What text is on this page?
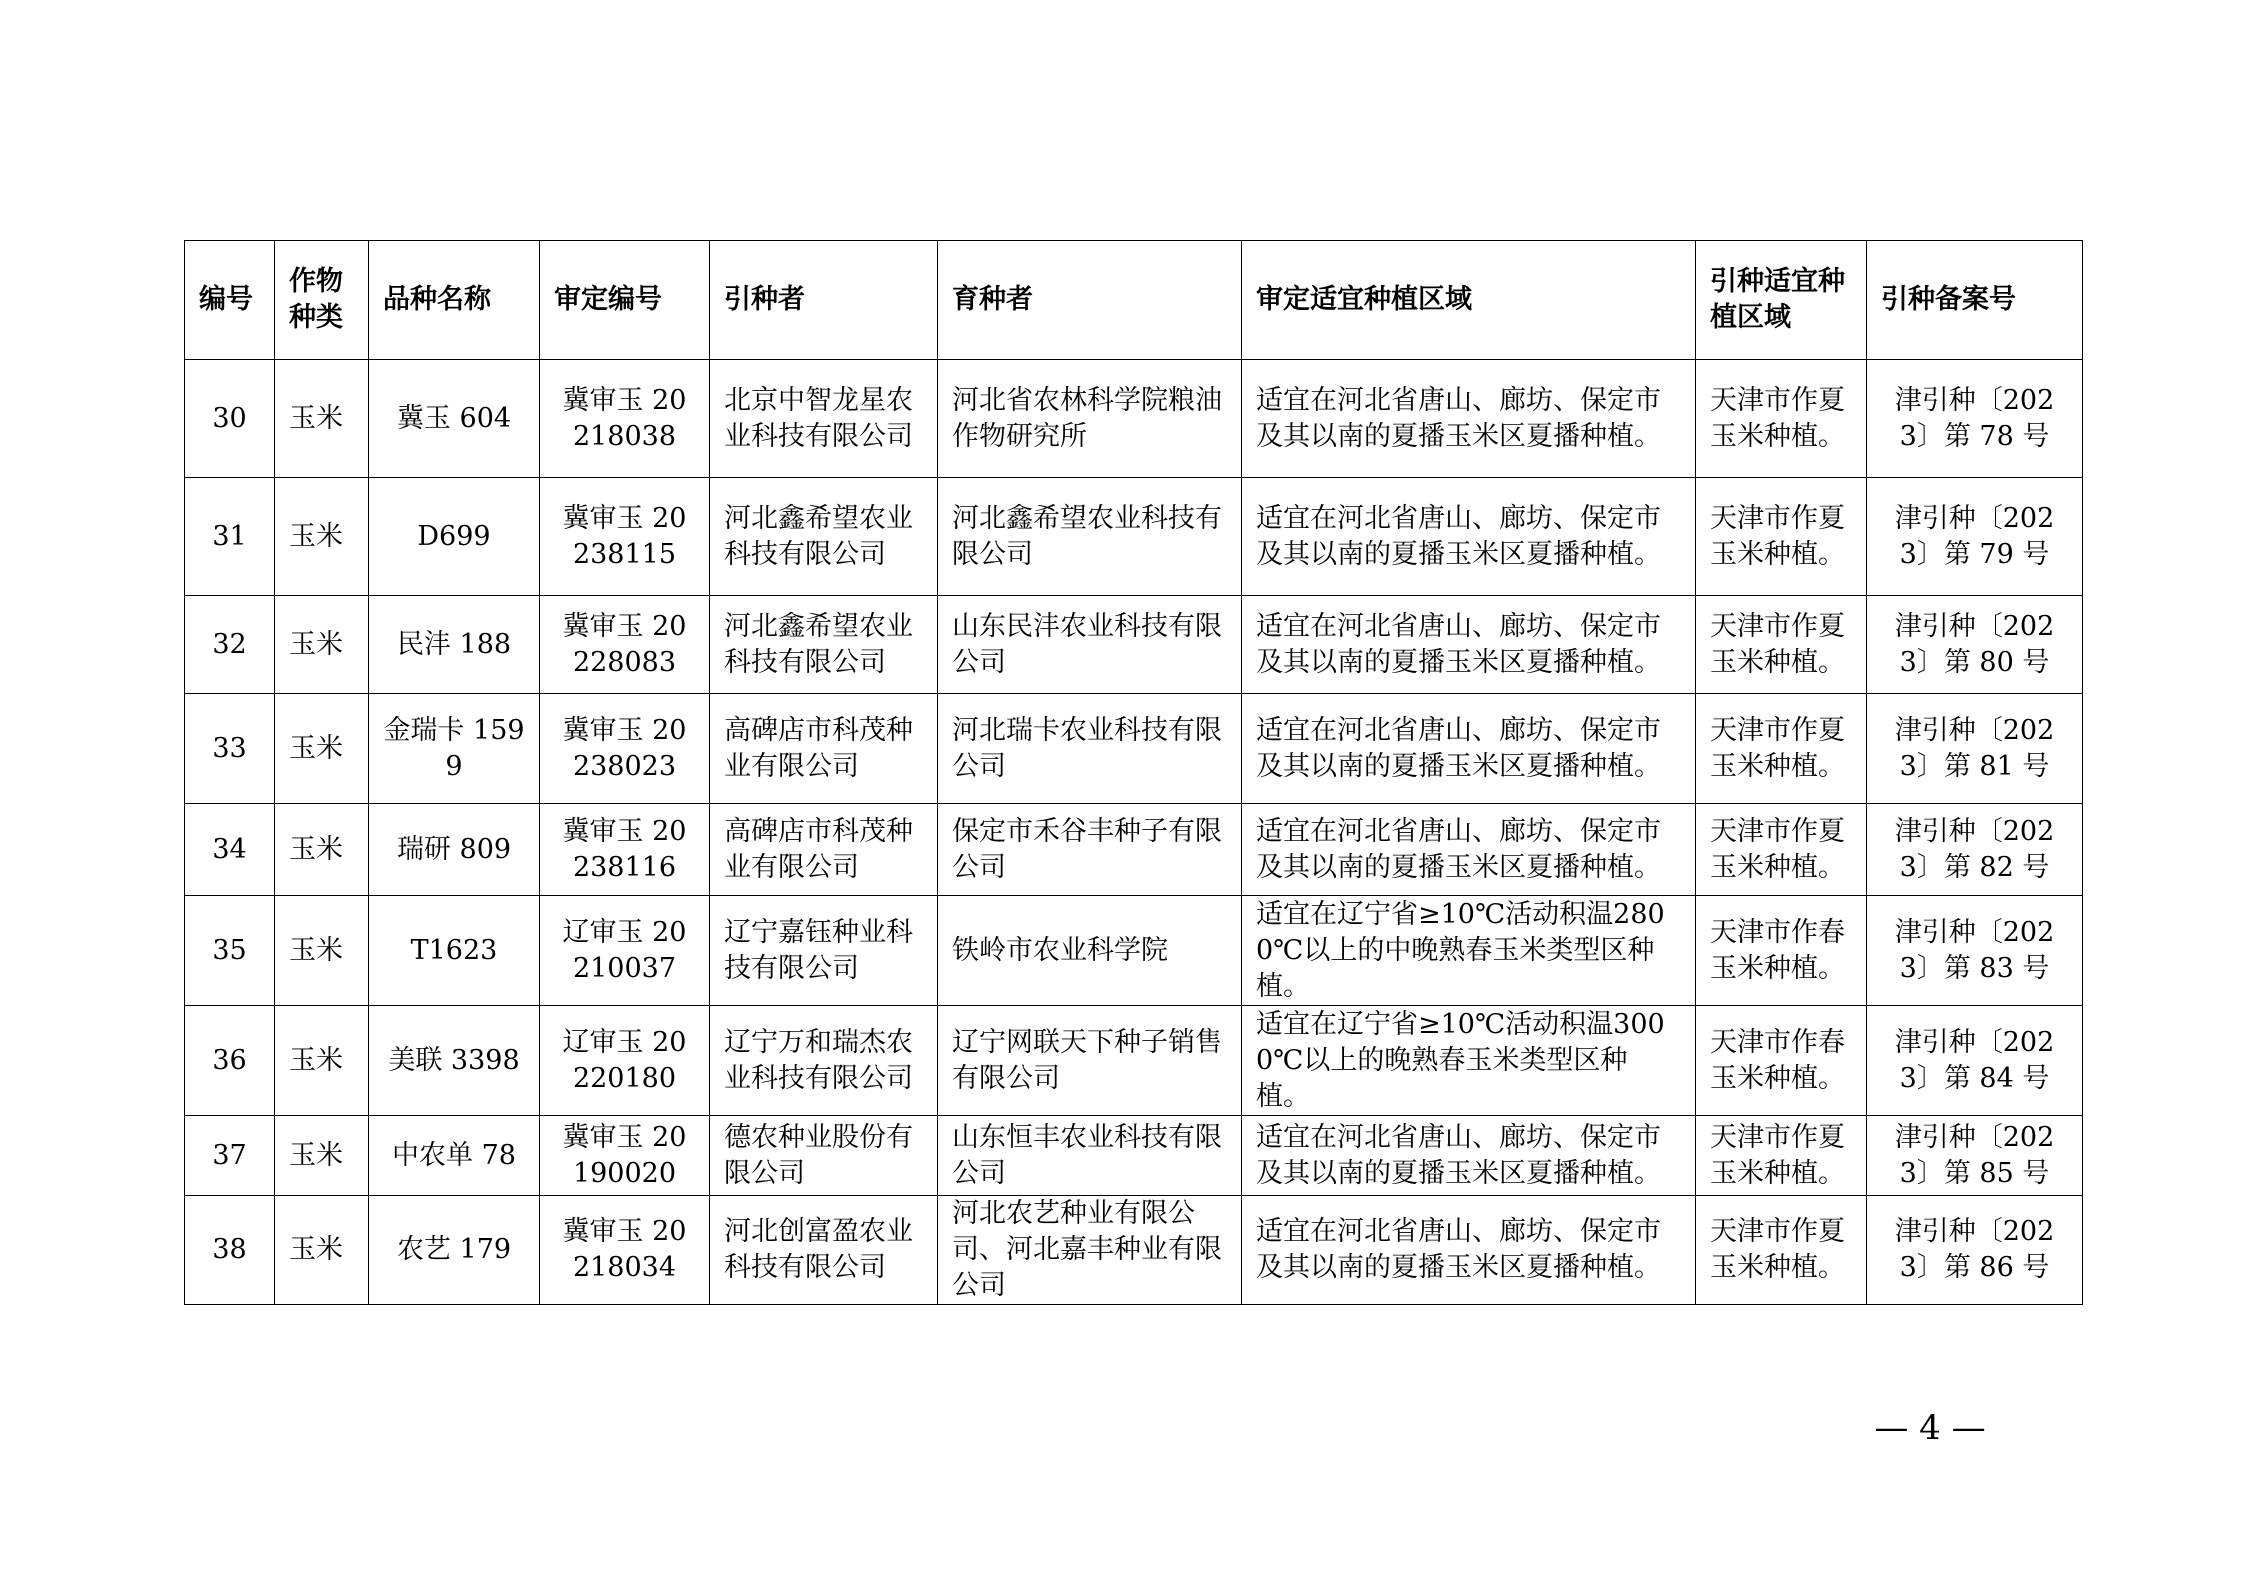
编号	作物种类	品种名称	审定编号	引种者	育种者	审定适宜种植区域	引种适宜种植区域	引种备案号
30	玉米	冀玉 604	冀审玉 20218038	北京中智龙星农业科技有限公司	河北省农林科学院粮油作物研究所	适宜在河北省唐山、廊坊、保定市及其以南的夏播玉米区夏播种植。	天津市作夏玉米种植。	津引种〔2023〕第 78 号
31	玉米	D699	冀审玉 20238115	河北鑫希望农业科技有限公司	河北鑫希望农业科技有限公司	适宜在河北省唐山、廊坊、保定市及其以南的夏播玉米区夏播种植。	天津市作夏玉米种植。	津引种〔2023〕第 79 号
32	玉米	民沣 188	冀审玉 20228083	河北鑫希望农业科技有限公司	山东民沣农业科技有限公司	适宜在河北省唐山、廊坊、保定市及其以南的夏播玉米区夏播种植。	天津市作夏玉米种植。	津引种〔2023〕第 80 号
33	玉米	金瑞卡 1599	冀审玉 20238023	高碑店市科茂种业有限公司	河北瑞卡农业科技有限公司	适宜在河北省唐山、廊坊、保定市及其以南的夏播玉米区夏播种植。	天津市作夏玉米种植。	津引种〔2023〕第 81 号
34	玉米	瑞研 809	冀审玉 20238116	高碑店市科茂种业有限公司	保定市禾谷丰种子有限公司	适宜在河北省唐山、廊坊、保定市及其以南的夏播玉米区夏播种植。	天津市作夏玉米种植。	津引种〔2023〕第 82 号
35	玉米	T1623	辽审玉 20210037	辽宁嘉钰种业科技有限公司	铁岭市农业科学院	适宜在辽宁省≥10℃活动积温2800℃以上的中晚熟春玉米类型区种植。	天津市作春玉米种植。	津引种〔2023〕第 83 号
36	玉米	美联 3398	辽审玉 20220180	辽宁万和瑞杰农业科技有限公司	辽宁网联天下种子销售有限公司	适宜在辽宁省≥10℃活动积温3000℃以上的晚熟春玉米类型区种植。	天津市作春玉米种植。	津引种〔2023〕第 84 号
37	玉米	中农单 78	冀审玉 20190020	德农种业股份有限公司	山东恒丰农业科技有限公司	适宜在河北省唐山、廊坊、保定市及其以南的夏播玉米区夏播种植。	天津市作夏玉米种植。	津引种〔2023〕第 85 号
38	玉米	农艺 179	冀审玉 20218034	河北创富盈农业科技有限公司	河北农艺种业有限公司、河北嘉丰种业有限公司	适宜在河北省唐山、廊坊、保定市及其以南的夏播玉米区夏播种植。	天津市作夏玉米种植。	津引种〔2023〕第 86 号
— 4 —
